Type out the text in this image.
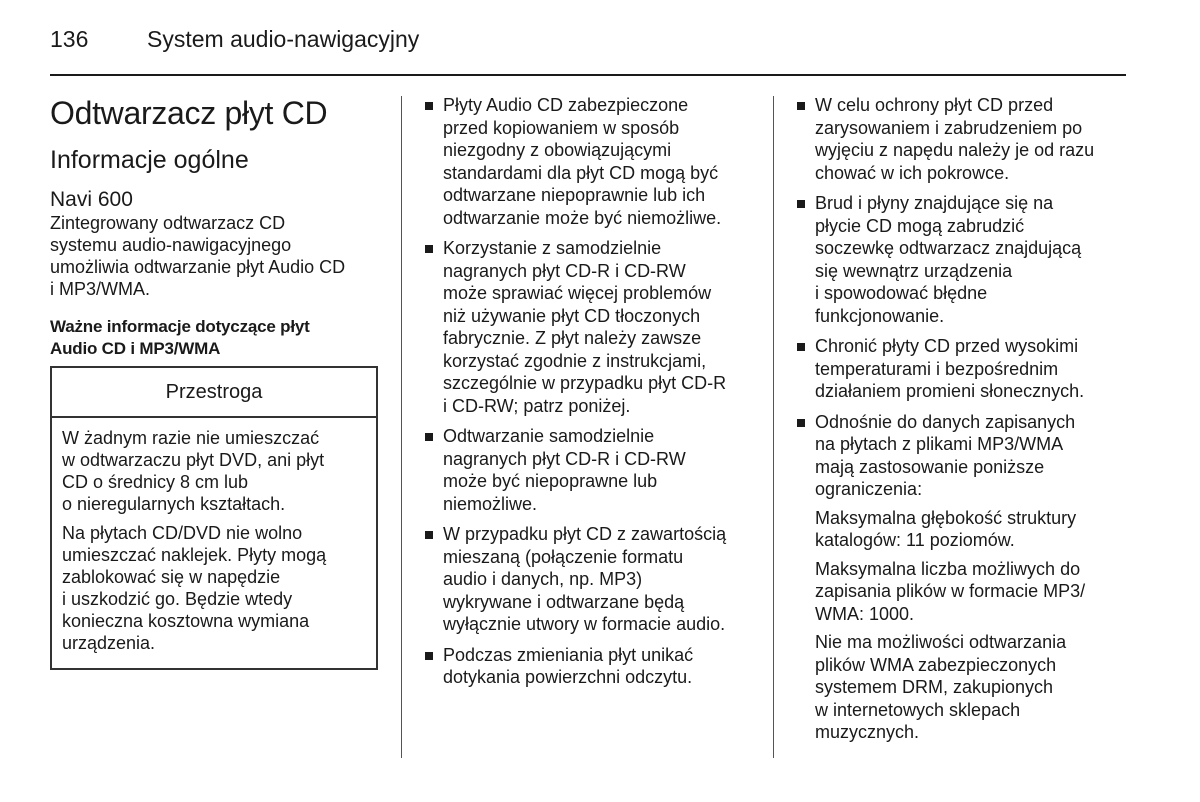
136	System audio-nawigacyjny
Odtwarzacz płyt CD
Informacje ogólne
Navi 600

Zintegrowany odtwarzacz CD
systemu audio-nawigacyjnego
umożliwia odtwarzanie płyt Audio CD
i MP3/WMA.

Ważne informacje dotyczące płyt
Audio CD i MP3/WMA

Przestroga

W żadnym razie nie umieszczać
w odtwarzaczu płyt DVD, ani płyt
CD o średnicy 8 cm lub
o nieregularnych kształtach.

Na płytach CD/DVD nie wolno
umieszczać naklejek. Płyty mogą
zablokować się w napędzie
i uszkodzić go. Będzie wtedy
konieczna kosztowna wymiana
urządzenia.

Płyty Audio CD zabezpieczone
przed kopiowaniem w sposób
niezgodny z obowiązującymi
standardami dla płyt CD mogą być
odtwarzane niepoprawnie lub ich
odtwarzanie może być niemożliwe.

Korzystanie z samodzielnie
nagranych płyt CD-R i CD-RW
może sprawiać więcej problemów
niż używanie płyt CD tłoczonych
fabrycznie. Z płyt należy zawsze
korzystać zgodnie z instrukcjami,
szczególnie w przypadku płyt CD-R
i CD-RW; patrz poniżej.

Odtwarzanie samodzielnie
nagranych płyt CD-R i CD-RW
może być niepoprawne lub
niemożliwe.

W przypadku płyt CD z zawartością
mieszaną (połączenie formatu
audio i danych, np. MP3)
wykrywane i odtwarzane będą
wyłącznie utwory w formacie audio.

Podczas zmieniania płyt unikać
dotykania powierzchni odczytu.

W celu ochrony płyt CD przed
zarysowaniem i zabrudzeniem po
wyjęciu z napędu należy je od razu
chować w ich pokrowce.

Brud i płyny znajdujące się na
płycie CD mogą zabrudzić
soczewkę odtwarzacz znajdującą
się wewnątrz urządzenia
i spowodować błędne
funkcjonowanie.

Chronić płyty CD przed wysokimi
temperaturami i bezpośrednim
działaniem promieni słonecznych.

Odnośnie do danych zapisanych
na płytach z plikami MP3/WMA
mają zastosowanie poniższe
ograniczenia:

Maksymalna głębokość struktury
katalogów: 11 poziomów.

Maksymalna liczba możliwych do
zapisania plików w formacie MP3/
WMA: 1000.

Nie ma możliwości odtwarzania
plików WMA zabezpieczonych
systemem DRM, zakupionych
w internetowych sklepach
muzycznych.
